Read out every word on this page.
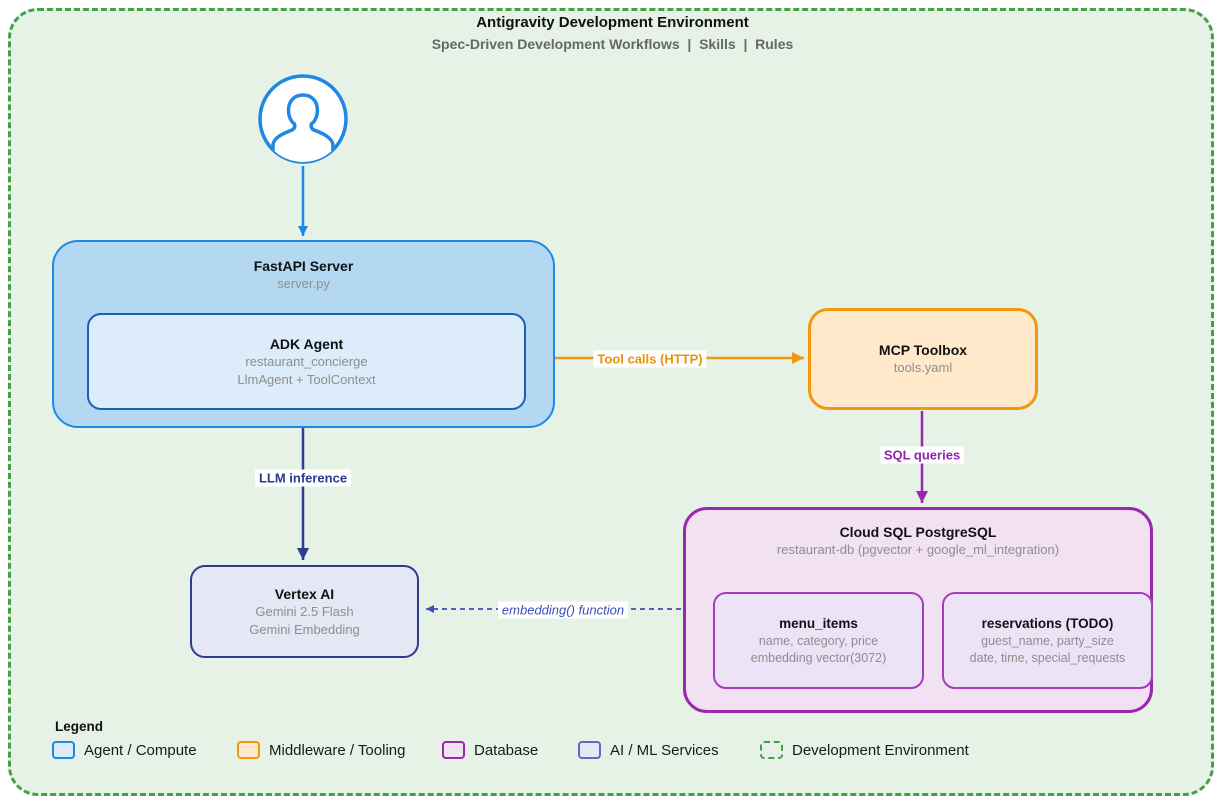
Antigravity Development Environment
Spec-Driven Development Workflows  |  Skills  |  Rules
FastAPI Server
server.py
ADK Agent
restaurant_concierge
LlmAgent + ToolContext
MCP Toolbox
tools.yaml
Cloud SQL PostgreSQL
restaurant-db (pgvector + google_ml_integration)
menu_items
name, category, price
embedding vector(3072)
reservations (TODO)
guest_name, party_size
date, time, special_requests
Vertex AI
Gemini 2.5 Flash
Gemini Embedding
Tool calls (HTTP)
SQL queries
LLM inference
embedding() function
Legend
Agent / Compute	Middleware / Tooling	Database	AI / ML Services	Development Environment
